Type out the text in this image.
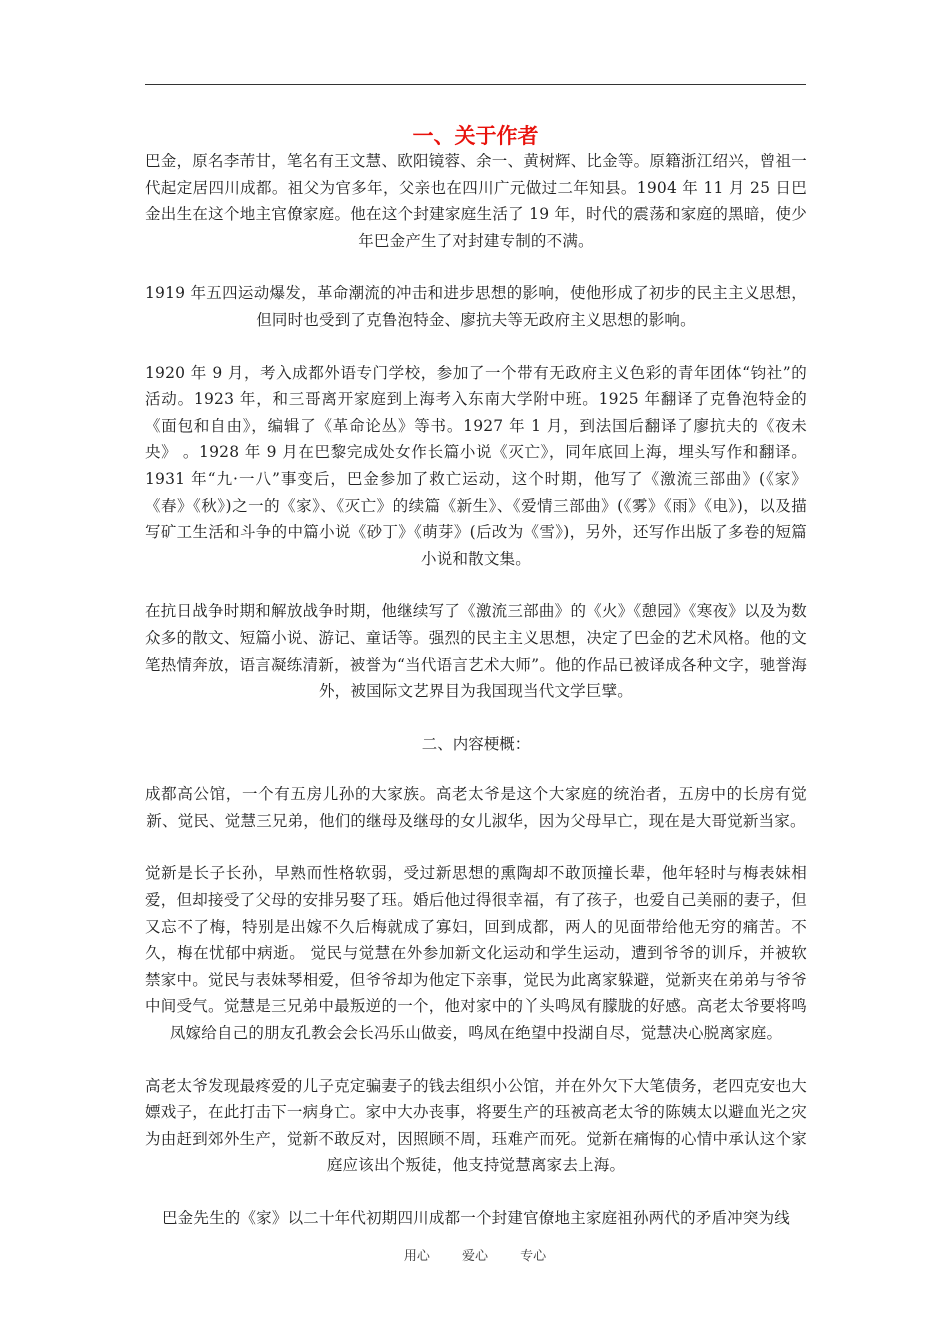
一、关于作者

巴金，原名李芾甘，笔名有王文慧、欧阳镜蓉、余一、黄树辉、比金等。原籍浙江绍兴，曾祖一代起定居四川成都。祖父为官多年，父亲也在四川广元做过二年知县。1904 年 11 月 25 日巴金出生在这个地主官僚家庭。他在这个封建家庭生活了 19 年，时代的震荡和家庭的黑暗，使少年巴金产生了对封建专制的不满。

1919 年五四运动爆发，革命潮流的冲击和进步思想的影响，使他形成了初步的民主主义思想，但同时也受到了克鲁泡特金、廖抗夫等无政府主义思想的影响。

1920 年 9 月，考入成都外语专门学校，参加了一个带有无政府主义色彩的青年团体“钧社”的活动。1923 年，和三哥离开家庭到上海考入东南大学附中班。1925 年翻译了克鲁泡特金的《面包和自由》，编辑了《革命论丛》等书。1927 年 1 月，到法国后翻译了廖抗夫的《夜未央》 。1928 年 9 月在巴黎完成处女作长篇小说《灭亡》，同年底回上海，埋头写作和翻译。1931 年“九·一八”事变后，巴金参加了救亡运动，这个时期，他写了《激流三部曲》(《家》《春》《秋》)之一的《家》、《灭亡》的续篇《新生》、《爱情三部曲》(《雾》《雨》《电》)，以及描写矿工生活和斗争的中篇小说《砂丁》《萌芽》(后改为《雪》)，另外，还写作出版了多卷的短篇小说和散文集。

在抗日战争时期和解放战争时期，他继续写了《激流三部曲》的《火》《憩园》《寒夜》以及为数众多的散文、短篇小说、游记、童话等。强烈的民主主义思想，决定了巴金的艺术风格。他的文笔热情奔放，语言凝练清新，被誉为“当代语言艺术大师”。他的作品已被译成各种文字，驰誉海外，被国际文艺界目为我国现当代文学巨擘。

二、内容梗概：

成都高公馆，一个有五房儿孙的大家族。高老太爷是这个大家庭的统治者，五房中的长房有觉新、觉民、觉慧三兄弟，他们的继母及继母的女儿淑华，因为父母早亡，现在是大哥觉新当家。

觉新是长子长孙，早熟而性格软弱，受过新思想的熏陶却不敢顶撞长辈，他年轻时与梅表妹相爱，但却接受了父母的安排另娶了珏。婚后他过得很幸福，有了孩子，也爱自己美丽的妻子，但又忘不了梅，特别是出嫁不久后梅就成了寡妇，回到成都，两人的见面带给他无穷的痛苦。不久，梅在忧郁中病逝。 觉民与觉慧在外参加新文化运动和学生运动，遭到爷爷的训斥，并被软禁家中。觉民与表妹琴相爱，但爷爷却为他定下亲事，觉民为此离家躲避，觉新夹在弟弟与爷爷中间受气。觉慧是三兄弟中最叛逆的一个，他对家中的丫头鸣凤有朦胧的好感。高老太爷要将鸣凤嫁给自己的朋友孔教会会长冯乐山做妾，鸣凤在绝望中投湖自尽，觉慧决心脱离家庭。

高老太爷发现最疼爱的儿子克定骗妻子的钱去组织小公馆，并在外欠下大笔债务，老四克安也大嫖戏子，在此打击下一病身亡。家中大办丧事，将要生产的珏被高老太爷的陈姨太以避血光之灾为由赶到郊外生产，觉新不敢反对，因照顾不周，珏难产而死。觉新在痛悔的心情中承认这个家庭应该出个叛徒，他支持觉慧离家去上海。

巴金先生的《家》以二十年代初期四川成都一个封建官僚地主家庭祖孙两代的矛盾冲突为线

用心 爱心 专心
